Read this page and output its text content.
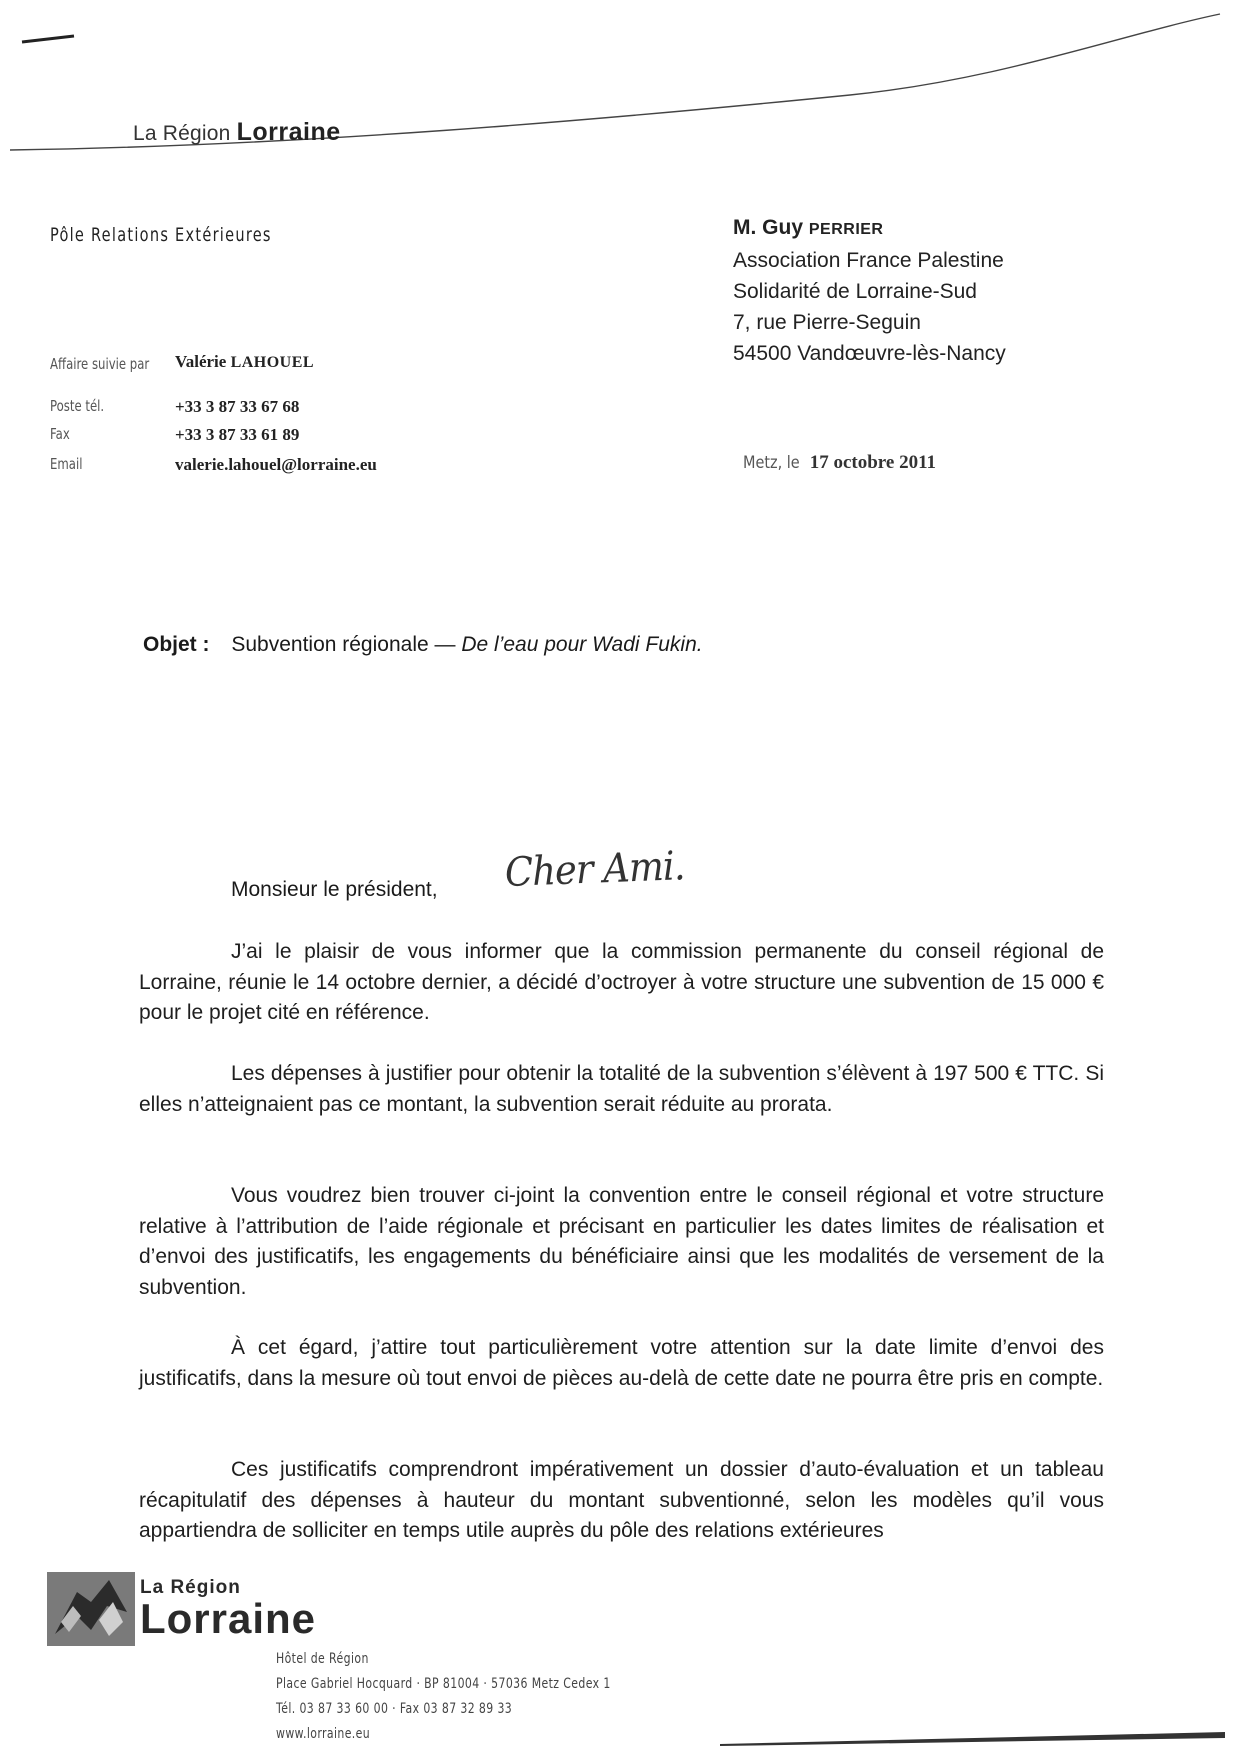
La Région Lorraine
Pôle Relations Extérieures
Affaire suivie par Valérie LAHOUEL
Poste tél.	+33 3 87 33 67 68
Fax	+33 3 87 33 61 89
Email	valerie.lahouel@lorraine.eu
M. Guy PERRIER
Association France Palestine
Solidarité de Lorraine-Sud
7, rue Pierre-Seguin
54500 Vandœuvre-lès-Nancy
Metz, le 17 octobre 2011
Objet : Subvention régionale — De l’eau pour Wadi Fukin.
Monsieur le président, Cher Ami.

J’ai le plaisir de vous informer que la commission permanente du conseil régional de Lorraine, réunie le 14 octobre dernier, a décidé d’octroyer à votre structure une subvention de 15 000 € pour le projet cité en référence.

Les dépenses à justifier pour obtenir la totalité de la subvention s’élèvent à 197 500 € TTC. Si elles n’atteignaient pas ce montant, la subvention serait réduite au prorata.

Vous voudrez bien trouver ci-joint la convention entre le conseil régional et votre structure relative à l’attribution de l’aide régionale et précisant en particulier les dates limites de réalisation et d’envoi des justificatifs, les engagements du bénéficiaire ainsi que les modalités de versement de la subvention.

À cet égard, j’attire tout particulièrement votre attention sur la date limite d’envoi des justificatifs, dans la mesure où tout envoi de pièces au-delà de cette date ne pourra être pris en compte.

Ces justificatifs comprendront impérativement un dossier d’auto-évaluation et un tableau récapitulatif des dépenses à hauteur du montant subventionné, selon les modèles qu’il vous appartiendra de solliciter en temps utile auprès du pôle des relations extérieures

La Région
Lorraine
Hôtel de Région
Place Gabriel Hocquard · BP 81004 · 57036 Metz Cedex 1
Tél. 03 87 33 60 00 · Fax 03 87 32 89 33
www.lorraine.eu
